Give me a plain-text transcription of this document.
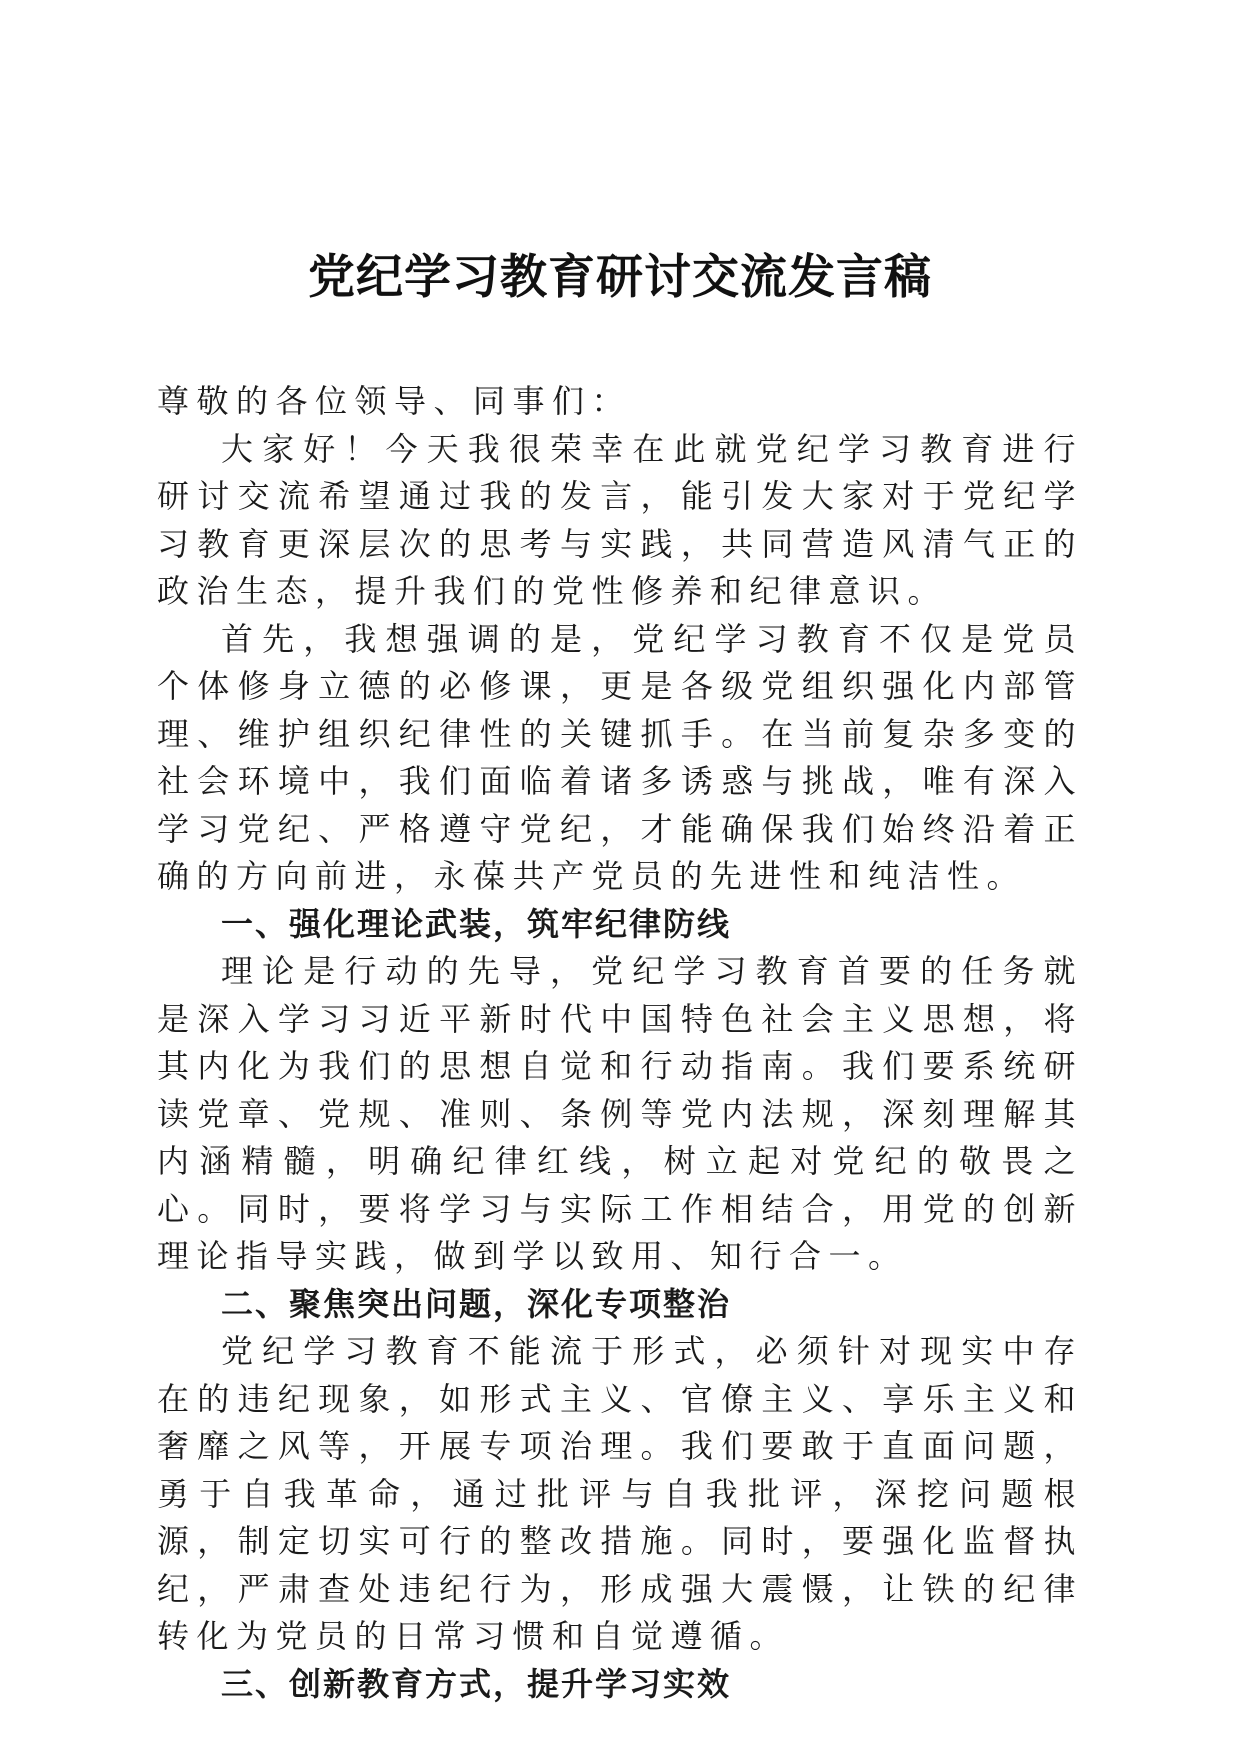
党纪学习教育研讨交流发言稿

尊敬的各位领导、同事们：

大家好！今天我很荣幸在此就党纪学习教育进行研讨交流希望通过我的发言，能引发大家对于党纪学习教育更深层次的思考与实践，共同营造风清气正的政治生态，提升我们的党性修养和纪律意识。

首先，我想强调的是，党纪学习教育不仅是党员个体修身立德的必修课，更是各级党组织强化内部管理、维护组织纪律性的关键抓手。在当前复杂多变的社会环境中，我们面临着诸多诱惑与挑战，唯有深入学习党纪、严格遵守党纪，才能确保我们始终沿着正确的方向前进，永葆共产党员的先进性和纯洁性。

一、强化理论武装，筑牢纪律防线

理论是行动的先导，党纪学习教育首要的任务就是深入学习习近平新时代中国特色社会主义思想，将其内化为我们的思想自觉和行动指南。我们要系统研读党章、党规、准则、条例等党内法规，深刻理解其内涵精髓，明确纪律红线，树立起对党纪的敬畏之心。同时，要将学习与实际工作相结合，用党的创新理论指导实践，做到学以致用、知行合一。

二、聚焦突出问题，深化专项整治

党纪学习教育不能流于形式，必须针对现实中存在的违纪现象，如形式主义、官僚主义、享乐主义和奢靡之风等，开展专项治理。我们要敢于直面问题，勇于自我革命，通过批评与自我批评，深挖问题根源，制定切实可行的整改措施。同时，要强化监督执纪，严肃查处违纪行为，形成强大震慑，让铁的纪律转化为党员的日常习惯和自觉遵循。

三、创新教育方式，提升学习实效
